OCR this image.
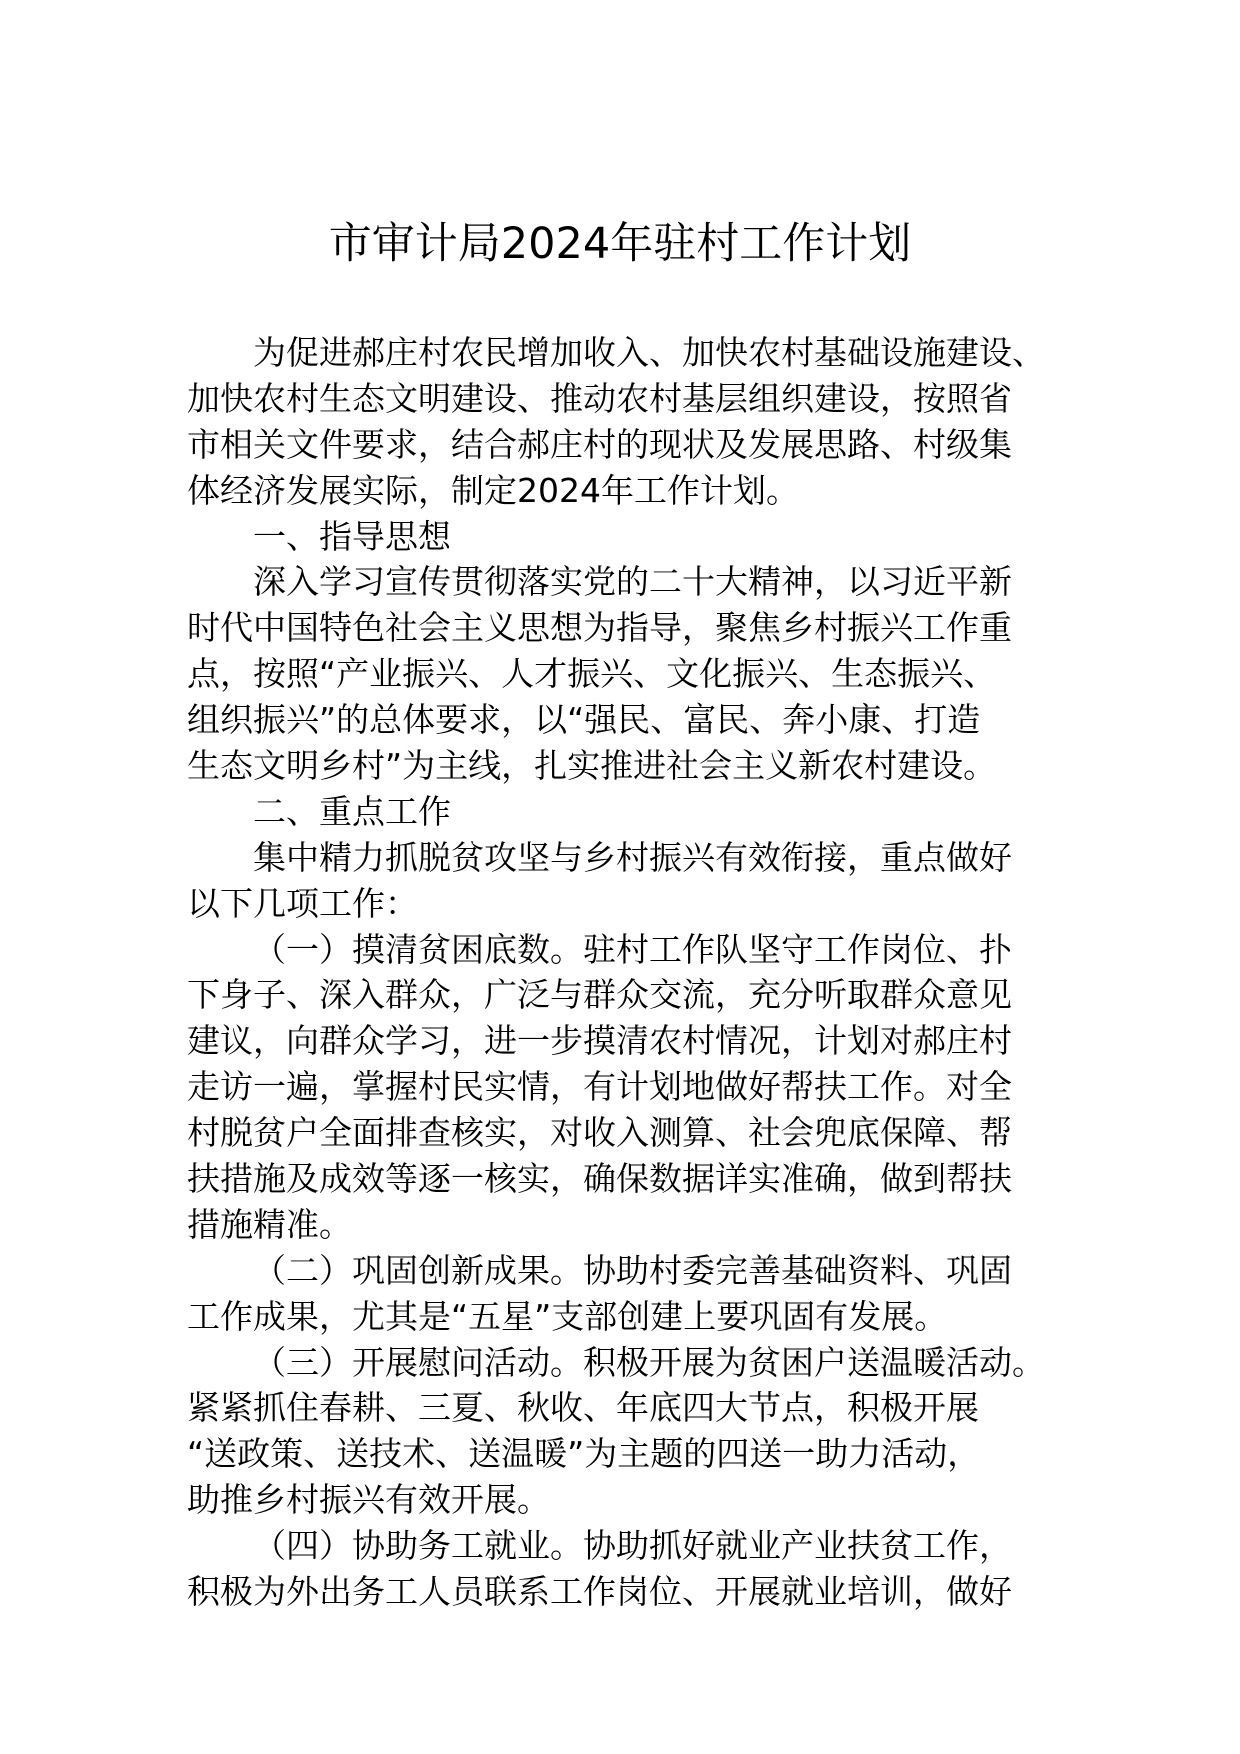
市审计局2024年驻村工作计划
为促进郝庄村农民增加收入、加快农村基础设施建设、
加快农村生态文明建设、推动农村基层组织建设，按照省
市相关文件要求，结合郝庄村的现状及发展思路、村级集
体经济发展实际，制定2024年工作计划。
一、指导思想
深入学习宣传贯彻落实党的二十大精神，以习近平新
时代中国特色社会主义思想为指导，聚焦乡村振兴工作重
点，按照“产业振兴、人才振兴、文化振兴、生态振兴、
组织振兴”的总体要求，以“强民、富民、奔小康、打造
生态文明乡村”为主线，扎实推进社会主义新农村建设。
二、重点工作
集中精力抓脱贫攻坚与乡村振兴有效衔接，重点做好
以下几项工作：
（一）摸清贫困底数。驻村工作队坚守工作岗位、扑
下身子、深入群众，广泛与群众交流，充分听取群众意见
建议，向群众学习，进一步摸清农村情况，计划对郝庄村
走访一遍，掌握村民实情，有计划地做好帮扶工作。对全
村脱贫户全面排查核实，对收入测算、社会兜底保障、帮
扶措施及成效等逐一核实，确保数据详实准确，做到帮扶
措施精准。
（二）巩固创新成果。协助村委完善基础资料、巩固
工作成果，尤其是“五星”支部创建上要巩固有发展。
（三）开展慰问活动。积极开展为贫困户送温暖活动。
紧紧抓住春耕、三夏、秋收、年底四大节点，积极开展
“送政策、送技术、送温暖”为主题的四送一助力活动，
助推乡村振兴有效开展。
（四）协助务工就业。协助抓好就业产业扶贫工作，
积极为外出务工人员联系工作岗位、开展就业培训，做好
